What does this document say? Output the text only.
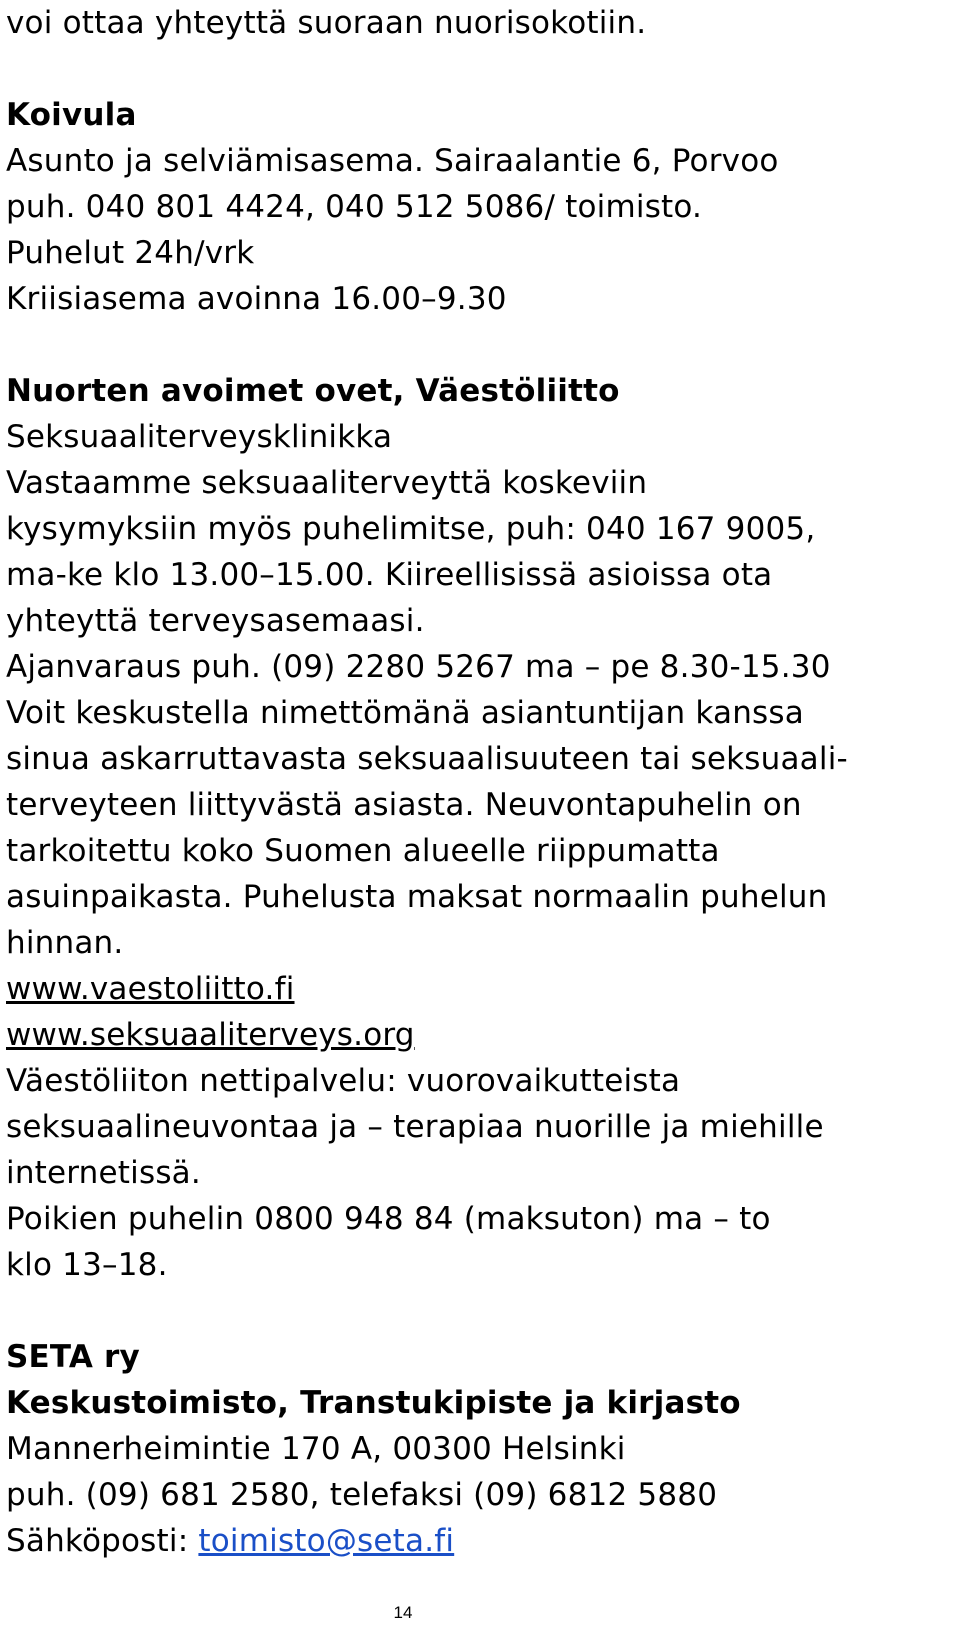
voi ottaa yhteyttä suoraan nuorisokotiin.
Koivula
Asunto ja selviämisasema. Sairaalantie 6, Porvoo
puh. 040 801 4424, 040 512 5086/ toimisto.
Puhelut 24h/vrk
Kriisiasema avoinna 16.00–9.30
Nuorten avoimet ovet, Väestöliitto
Seksuaaliterveysklinikka
Vastaamme seksuaaliterveyttä koskeviin
kysymyksiin myös puhelimitse, puh: 040 167 9005,
ma-ke klo 13.00–15.00. Kiireellisissä asioissa ota
yhteyttä terveysasemaasi.
Ajanvaraus puh. (09) 2280 5267 ma – pe 8.30-15.30
Voit keskustella nimettömänä asiantuntijan kanssa
sinua askarruttavasta seksuaalisuuteen tai seksuaali-
terveyteen liittyvästä asiasta. Neuvontapuhelin on
tarkoitettu koko Suomen alueelle riippumatta
asuinpaikasta. Puhelusta maksat normaalin puhelun
hinnan.
www.vaestoliitto.fi
www.seksuaaliterveys.org
Väestöliiton nettipalvelu: vuorovaikutteista
seksuaalineuvontaa ja – terapiaa nuorille ja miehille
internetissä.
Poikien puhelin 0800 948 84 (maksuton) ma – to
klo 13–18.
SETA ry
Keskustoimisto, Transtukipiste ja kirjasto
Mannerheimintie 170 A, 00300 Helsinki
puh. (09) 681 2580, telefaksi (09) 6812 5880
Sähköposti: toimisto@seta.fi
14
